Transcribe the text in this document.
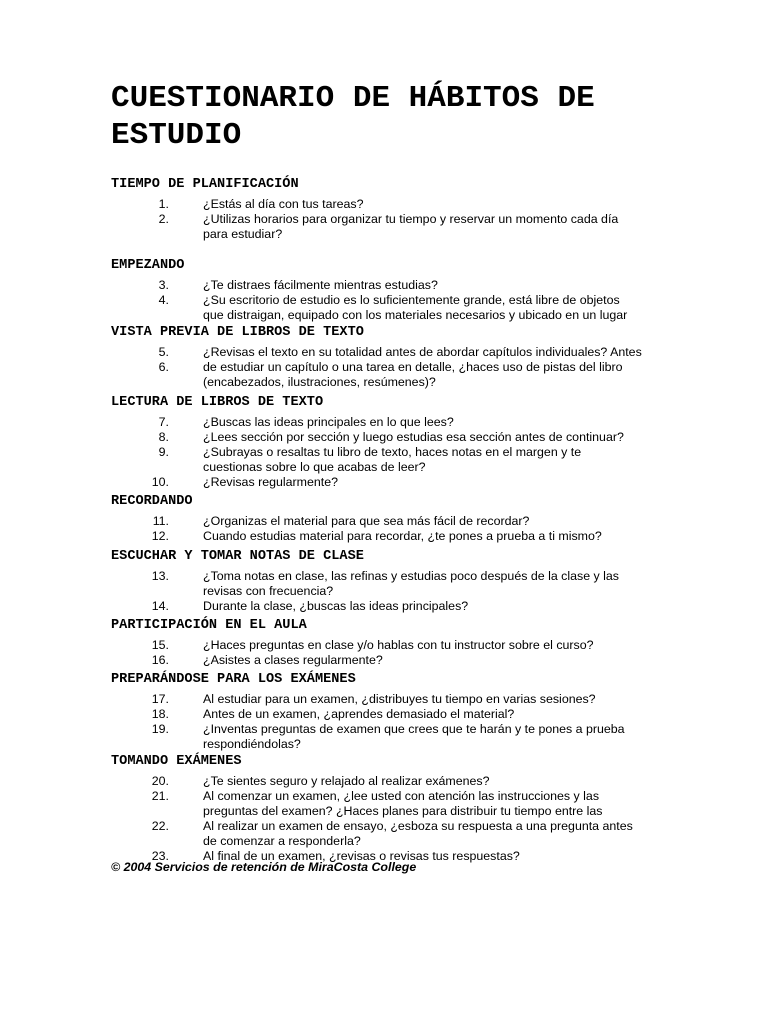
CUESTIONARIO DE HÁBITOS DE ESTUDIO
TIEMPO DE PLANIFICACIÓN
1.	¿Estás al día con tus tareas?
2.	¿Utilizas horarios para organizar tu tiempo y reservar un momento cada día para estudiar?
EMPEZANDO
3.	¿Te distraes fácilmente mientras estudias?
4.	¿Su escritorio de estudio es lo suficientemente grande, está libre de objetos que distraigan, equipado con los materiales necesarios y ubicado en un lugar
VISTA PREVIA DE LIBROS DE TEXTO
5.	¿Revisas el texto en su totalidad antes de abordar capítulos individuales? Antes
6.	de estudiar un capítulo o una tarea en detalle, ¿haces uso de pistas del libro (encabezados, ilustraciones, resúmenes)?
LECTURA DE LIBROS DE TEXTO
7.	¿Buscas las ideas principales en lo que lees?
8.	¿Lees sección por sección y luego estudias esa sección antes de continuar?
9.	¿Subrayas o resaltas tu libro de texto, haces notas en el margen y te cuestionas sobre lo que acabas de leer?
10.	¿Revisas regularmente?
RECORDANDO
11.	¿Organizas el material para que sea más fácil de recordar?
12.	Cuando estudias material para recordar, ¿te pones a prueba a ti mismo?
ESCUCHAR Y TOMAR NOTAS DE CLASE
13.	¿Toma notas en clase, las refinas y estudias poco después de la clase y las revisas con frecuencia?
14.	Durante la clase, ¿buscas las ideas principales?
PARTICIPACIÓN EN EL AULA
15.	¿Haces preguntas en clase y/o hablas con tu instructor sobre el curso?
16.	¿Asistes a clases regularmente?
PREPARÁNDOSE PARA LOS EXÁMENES
17.	Al estudiar para un examen, ¿distribuyes tu tiempo en varias sesiones?
18.	Antes de un examen, ¿aprendes demasiado el material?
19.	¿Inventas preguntas de examen que crees que te harán y te pones a prueba respondiéndolas?
TOMANDO EXÁMENES
20.	¿Te sientes seguro y relajado al realizar exámenes?
21.	Al comenzar un examen, ¿lee usted con atención las instrucciones y las preguntas del examen? ¿Haces planes para distribuir tu tiempo entre las
22.	Al realizar un examen de ensayo, ¿esboza su respuesta a una pregunta antes de comenzar a responderla?
23.	Al final de un examen, ¿revisas o revisas tus respuestas?

© 2004 Servicios de retención de MiraCosta College
